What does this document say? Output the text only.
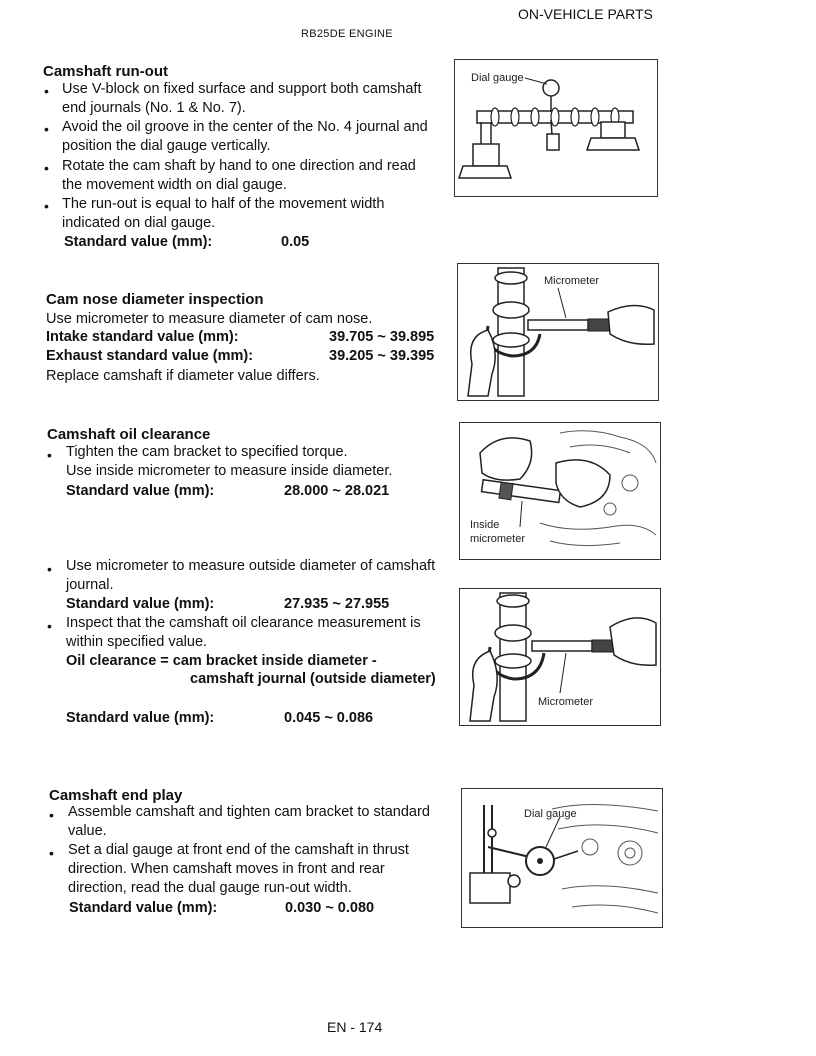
ON-VEHICLE PARTS
RB25DE ENGINE
Camshaft run-out
• Use V-block on fixed surface and support both camshaft
end journals (No. 1 & No. 7).
• Avoid the oil groove in the center of the No. 4 journal and
position the dial gauge vertically.
• Rotate the cam shaft by hand to one direction and read
the movement width on dial gauge.
• The run-out is equal to half of the movement width
indicated on dial gauge.
Standard value (mm):	0.05
Dial gauge
Cam nose diameter inspection
Use micrometer to measure diameter of cam nose.
Intake standard value (mm):	39.705 ~ 39.895
Exhaust standard value (mm):	39.205 ~ 39.395
Replace camshaft if diameter value differs.
Micrometer
Camshaft oil clearance
• Tighten the cam bracket to specified torque.
Use inside micrometer to measure inside diameter.
Standard value (mm):	28.000 ~ 28.021
Inside
micrometer
• Use micrometer to measure outside diameter of camshaft
journal.
Standard value (mm):	27.935 ~ 27.955
• Inspect that the camshaft oil clearance measurement is
within specified value.
Oil clearance = cam bracket inside diameter -
camshaft journal (outside diameter)
Standard value (mm):	0.045 ~ 0.086
Micrometer
Camshaft end play
• Assemble camshaft and tighten cam bracket to standard
value.
• Set a dial gauge at front end of the camshaft in thrust
direction. When camshaft moves in front and rear
direction, read the dual gauge run-out width.
Standard value (mm):	0.030 ~ 0.080
Dial gauge
EN - 174
